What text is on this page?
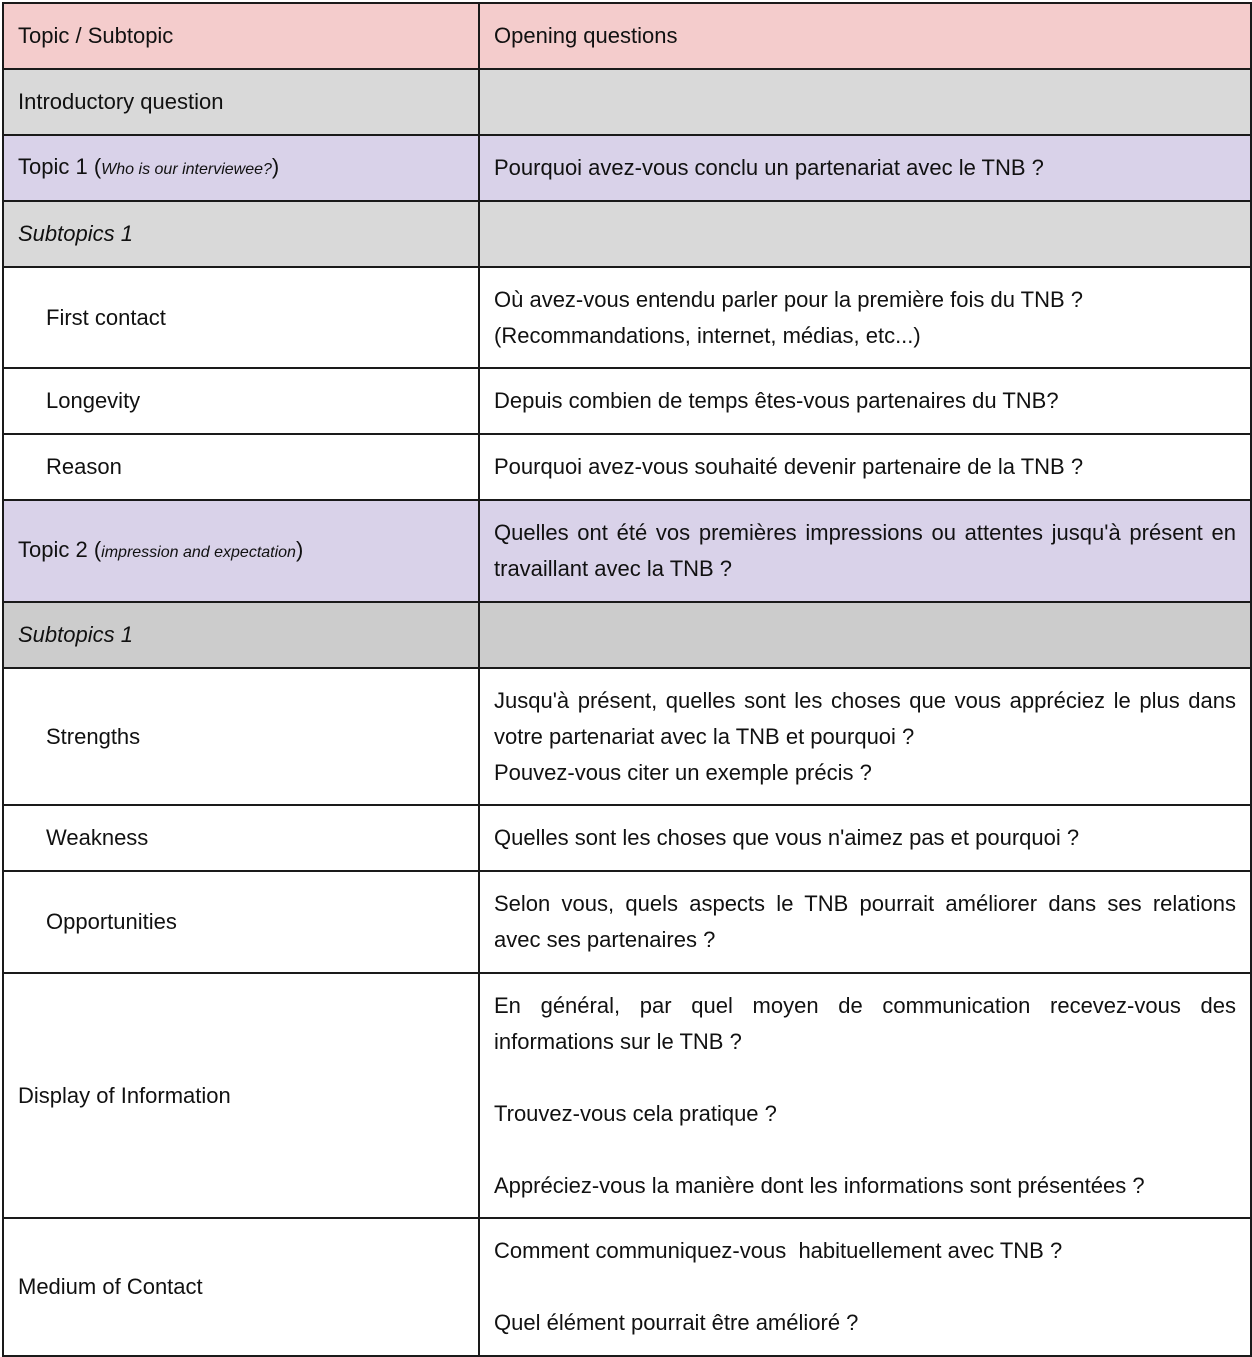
Topic / Subtopic	Opening questions
Introductory question	
Topic 1 (Who is our interviewee?)	Pourquoi avez-vous conclu un partenariat avec le TNB ?
Subtopics 1	
First contact	Où avez-vous entendu parler pour la première fois du TNB ?
(Recommandations, internet, médias, etc...)

Longevity	Depuis combien de temps êtes-vous partenaires du TNB?
Reason	Pourquoi avez-vous souhaité devenir partenaire de la TNB ?
Topic 2 (impression and expectation)	Quelles ont été vos premières impressions ou attentes jusqu'à présent en travaillant avec la TNB ?
Subtopics 1	
Strengths	Jusqu'à présent, quelles sont les choses que vous appréciez le plus dans votre partenariat avec la TNB et pourquoi ?
Pouvez-vous citer un exemple précis ?

Weakness	Quelles sont les choses que vous n'aimez pas et pourquoi ?
Opportunities	Selon vous, quels aspects le TNB pourrait améliorer dans ses relations avec ses partenaires ?
Display of Information	En général, par quel moyen de communication recevez-vous des informations sur le TNB ?
Trouvez-vous cela pratique ?
Appréciez-vous la manière dont les informations sont présentées ?

Medium of Contact	Comment communiquez-vous  habituellement avec TNB ?
Quel élément pourrait être amélioré ?
